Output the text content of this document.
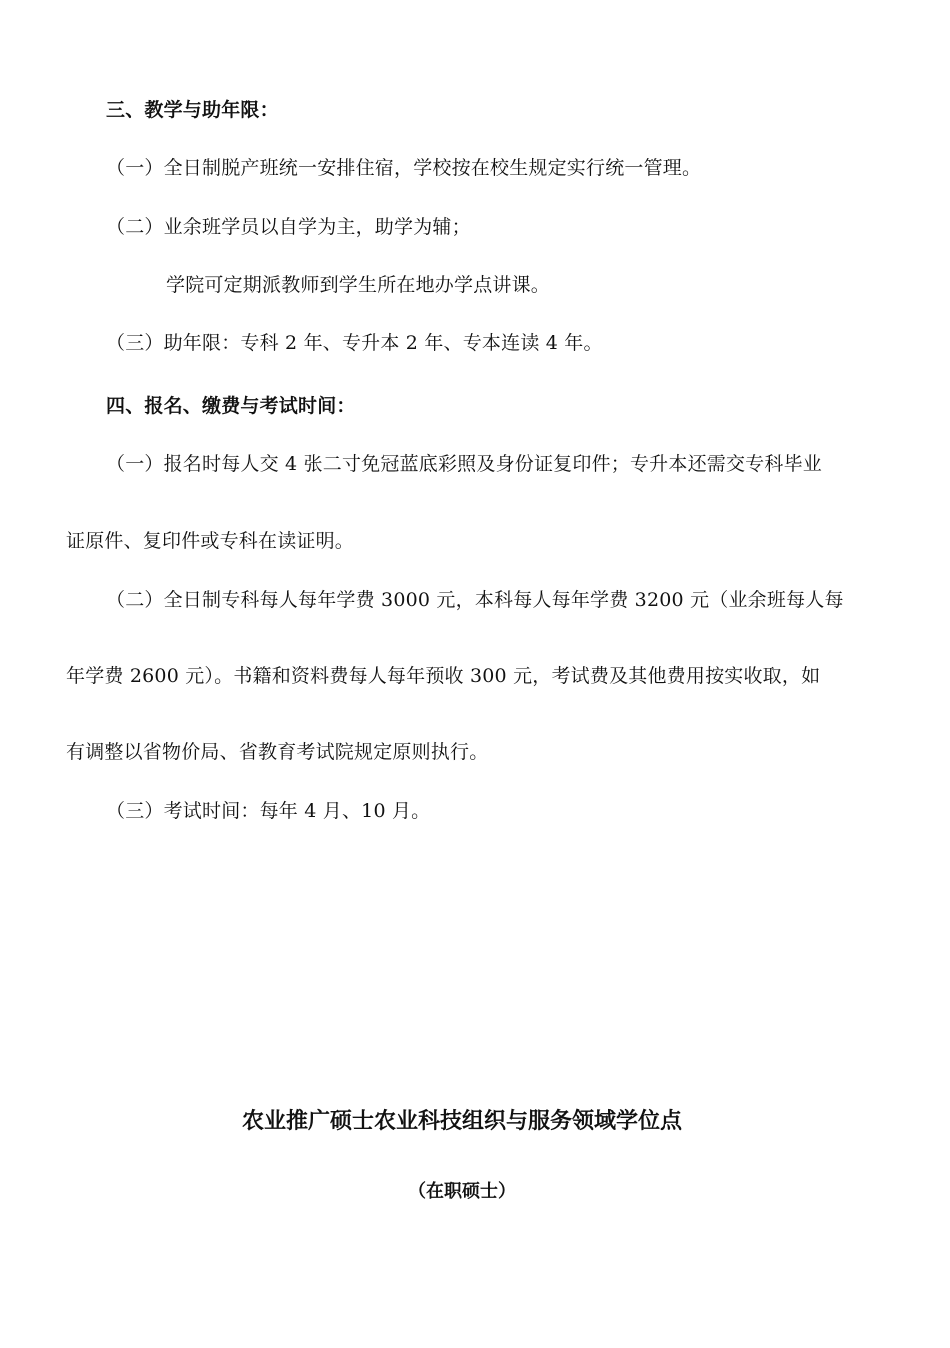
三、教学与助年限：
（一）全日制脱产班统一安排住宿，学校按在校生规定实行统一管理。
（二）业余班学员以自学为主，助学为辅；
学院可定期派教师到学生所在地办学点讲课。
（三）助年限：专科 2 年、专升本 2 年、专本连读 4 年。
四、报名、缴费与考试时间：
（一）报名时每人交 4 张二寸免冠蓝底彩照及身份证复印件；专升本还需交专科毕业
证原件、复印件或专科在读证明。
（二）全日制专科每人每年学费 3000 元，本科每人每年学费 3200 元（业余班每人每
年学费 2600 元）。书籍和资料费每人每年预收 300 元，考试费及其他费用按实收取，如
有调整以省物价局、省教育考试院规定原则执行。
（三）考试时间：每年 4 月、10 月。
农业推广硕士农业科技组织与服务领域学位点
（在职硕士）
